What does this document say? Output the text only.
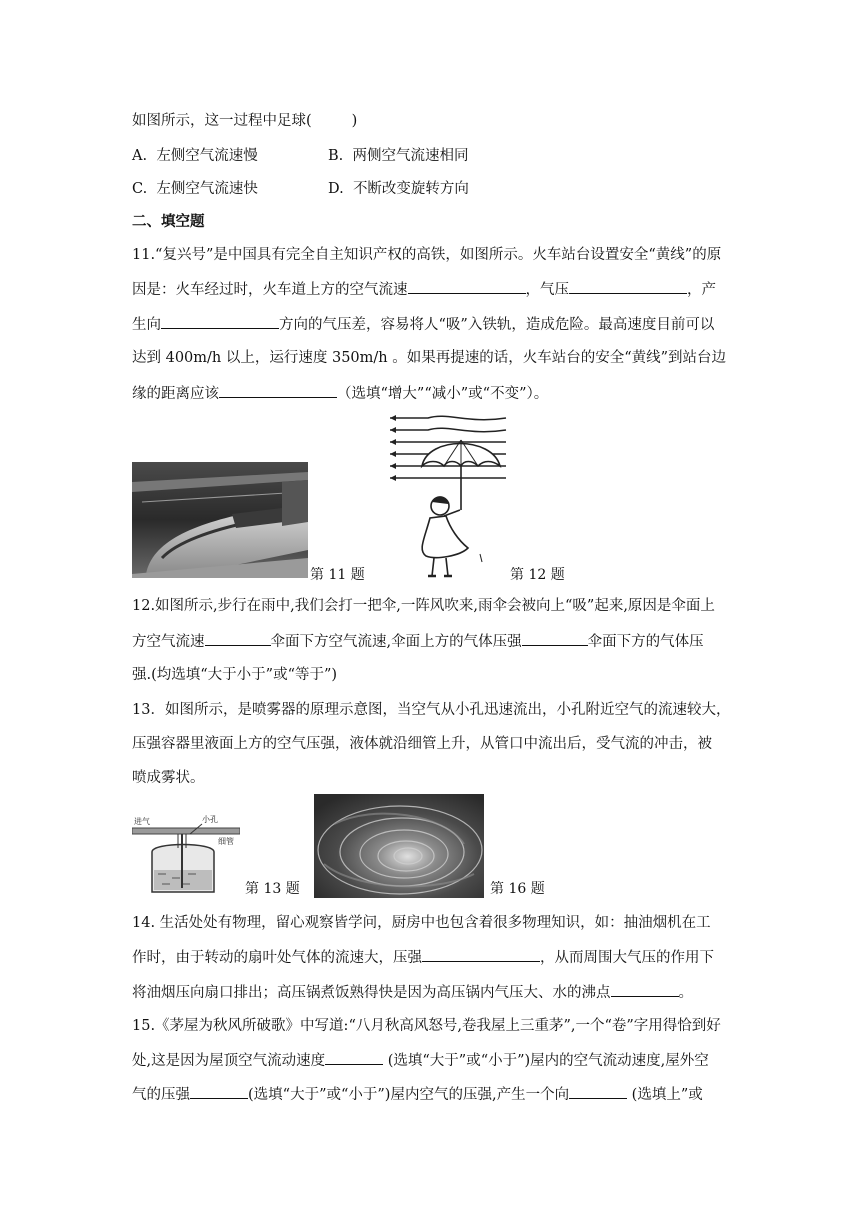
如图所示，这一过程中足球(	)
A. 左侧空气流速慢	B. 两侧空气流速相同
C. 左侧空气流速快	D. 不断改变旋转方向
二、填空题
11.“复兴号”是中国具有完全自主知识产权的高铁，如图所示。火车站台设置安全“黄线”的原
因是：火车经过时，火车道上方的空气流速	，气压	，产
生向	方向的气压差，容易将人“吸”入铁轨，造成危险。最高速度目前可以
达到 400m/h 以上，运行速度 350m/h 。如果再提速的话，火车站台的安全“黄线”到站台边
缘的距离应该	（选填“增大”“减小”或“不变”）。
第 11 题	第 12 题
12.如图所示,步行在雨中,我们会打一把伞,一阵风吹来,雨伞会被向上“吸”起来,原因是伞面上
方空气流速	伞面下方空气流速,伞面上方的气体压强	伞面下方的气体压
强.(均选填“大于小于”或“等于”)
13．如图所示，是喷雾器的原理示意图，当空气从小孔迅速流出，小孔附近空气的流速较大，
压强容器里液面上方的空气压强，液体就沿细管上升，从管口中流出后，受气流的冲击，被
喷成雾状。
进气	小孔
细管
第 13 题	第 16 题
14. 生活处处有物理，留心观察皆学问，厨房中也包含着很多物理知识，如：抽油烟机在工
作时，由于转动的扇叶处气体的流速大，压强	，从而周围大气压的作用下
将油烟压向扇口排出；高压锅煮饭熟得快是因为高压锅内气压大、水的沸点	。
15.《茅屋为秋风所破歌》中写道:“八月秋高风怒号,卷我屋上三重茅”,一个“卷”字用得恰到好
处,这是因为屋顶空气流动速度	(选填“大于”或“小于”)屋内的空气流动速度,屋外空
气的压强	(选填“大于”或“小于”)屋内空气的压强,产生一个向	(选填上”或
